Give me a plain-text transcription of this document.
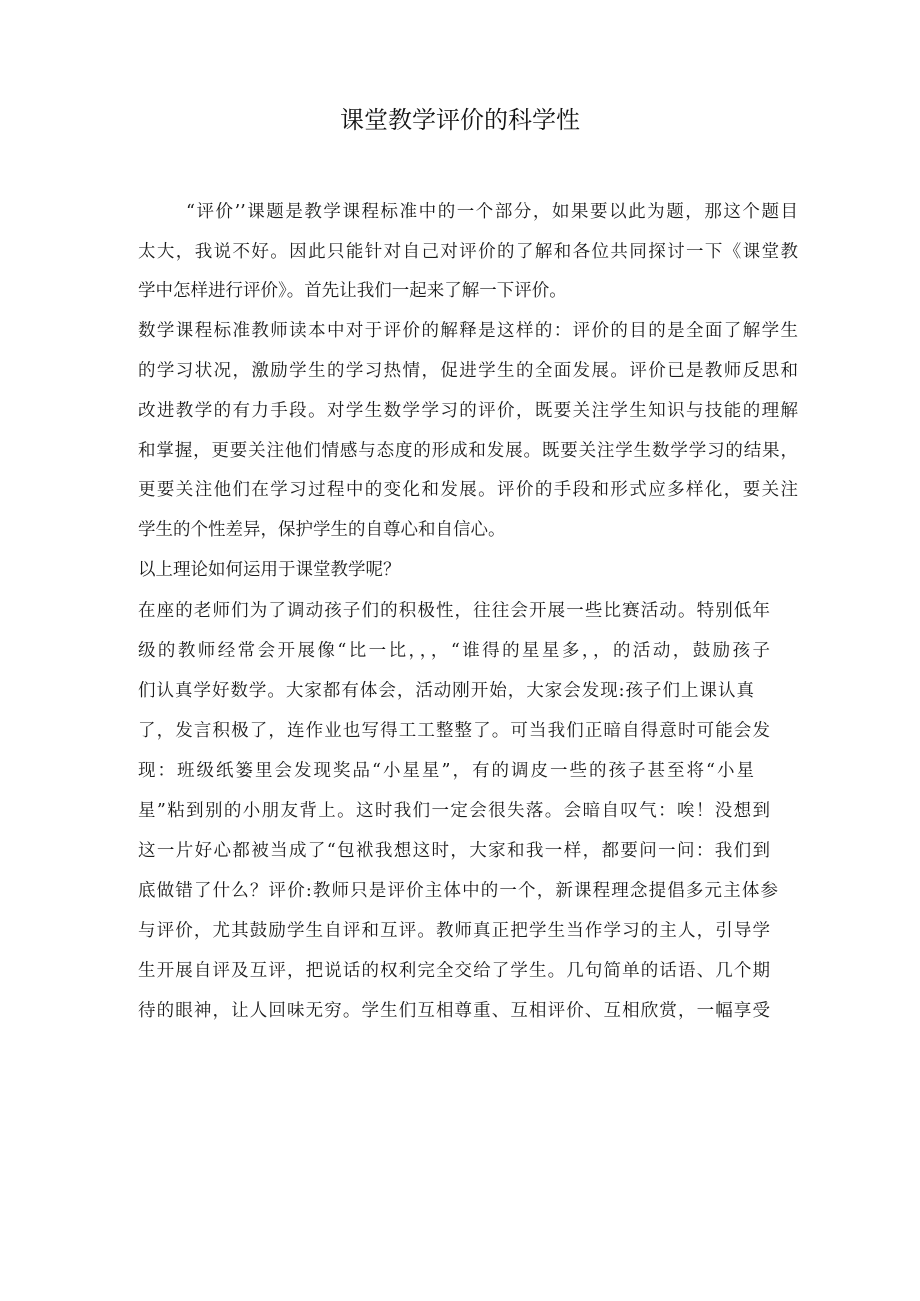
课堂教学评价的科学性
“评价’’课题是教学课程标准中的一个部分，如果要以此为题，那这个题目
太大，我说不好。因此只能针对自己对评价的了解和各位共同探讨一下《课堂教
学中怎样进行评价》。首先让我们一起来了解一下评价。
数学课程标准教师读本中对于评价的解释是这样的：评价的目的是全面了解学生
的学习状况，激励学生的学习热情，促进学生的全面发展。评价已是教师反思和
改进教学的有力手段。对学生数学学习的评价，既要关注学生知识与技能的理解
和掌握，更要关注他们情感与态度的形成和发展。既要关注学生数学学习的结果，
更要关注他们在学习过程中的变化和发展。评价的手段和形式应多样化，要关注
学生的个性差异，保护学生的自尊心和自信心。
以上理论如何运用于课堂教学呢？
在座的老师们为了调动孩子们的积极性，往往会开展一些比赛活动。特别低年
级的教师经常会开展像“比一比，，，“谁得的星星多，，的活动，鼓励孩子
们认真学好数学。大家都有体会，活动刚开始，大家会发现:孩子们上课认真
了，发言积极了，连作业也写得工工整整了。可当我们正暗自得意时可能会发
现：班级纸篓里会发现奖品“小星星”，有的调皮一些的孩子甚至将“小星
星”粘到别的小朋友背上。这时我们一定会很失落。会暗自叹气：唉！没想到
这一片好心都被当成了“包袱我想这时，大家和我一样，都要问一问：我们到
底做错了什么？评价:教师只是评价主体中的一个，新课程理念提倡多元主体参
与评价，尤其鼓励学生自评和互评。教师真正把学生当作学习的主人，引导学
生开展自评及互评，把说话的权利完全交给了学生。几句简单的话语、几个期
待的眼神，让人回味无穷。学生们互相尊重、互相评价、互相欣赏，一幅享受
